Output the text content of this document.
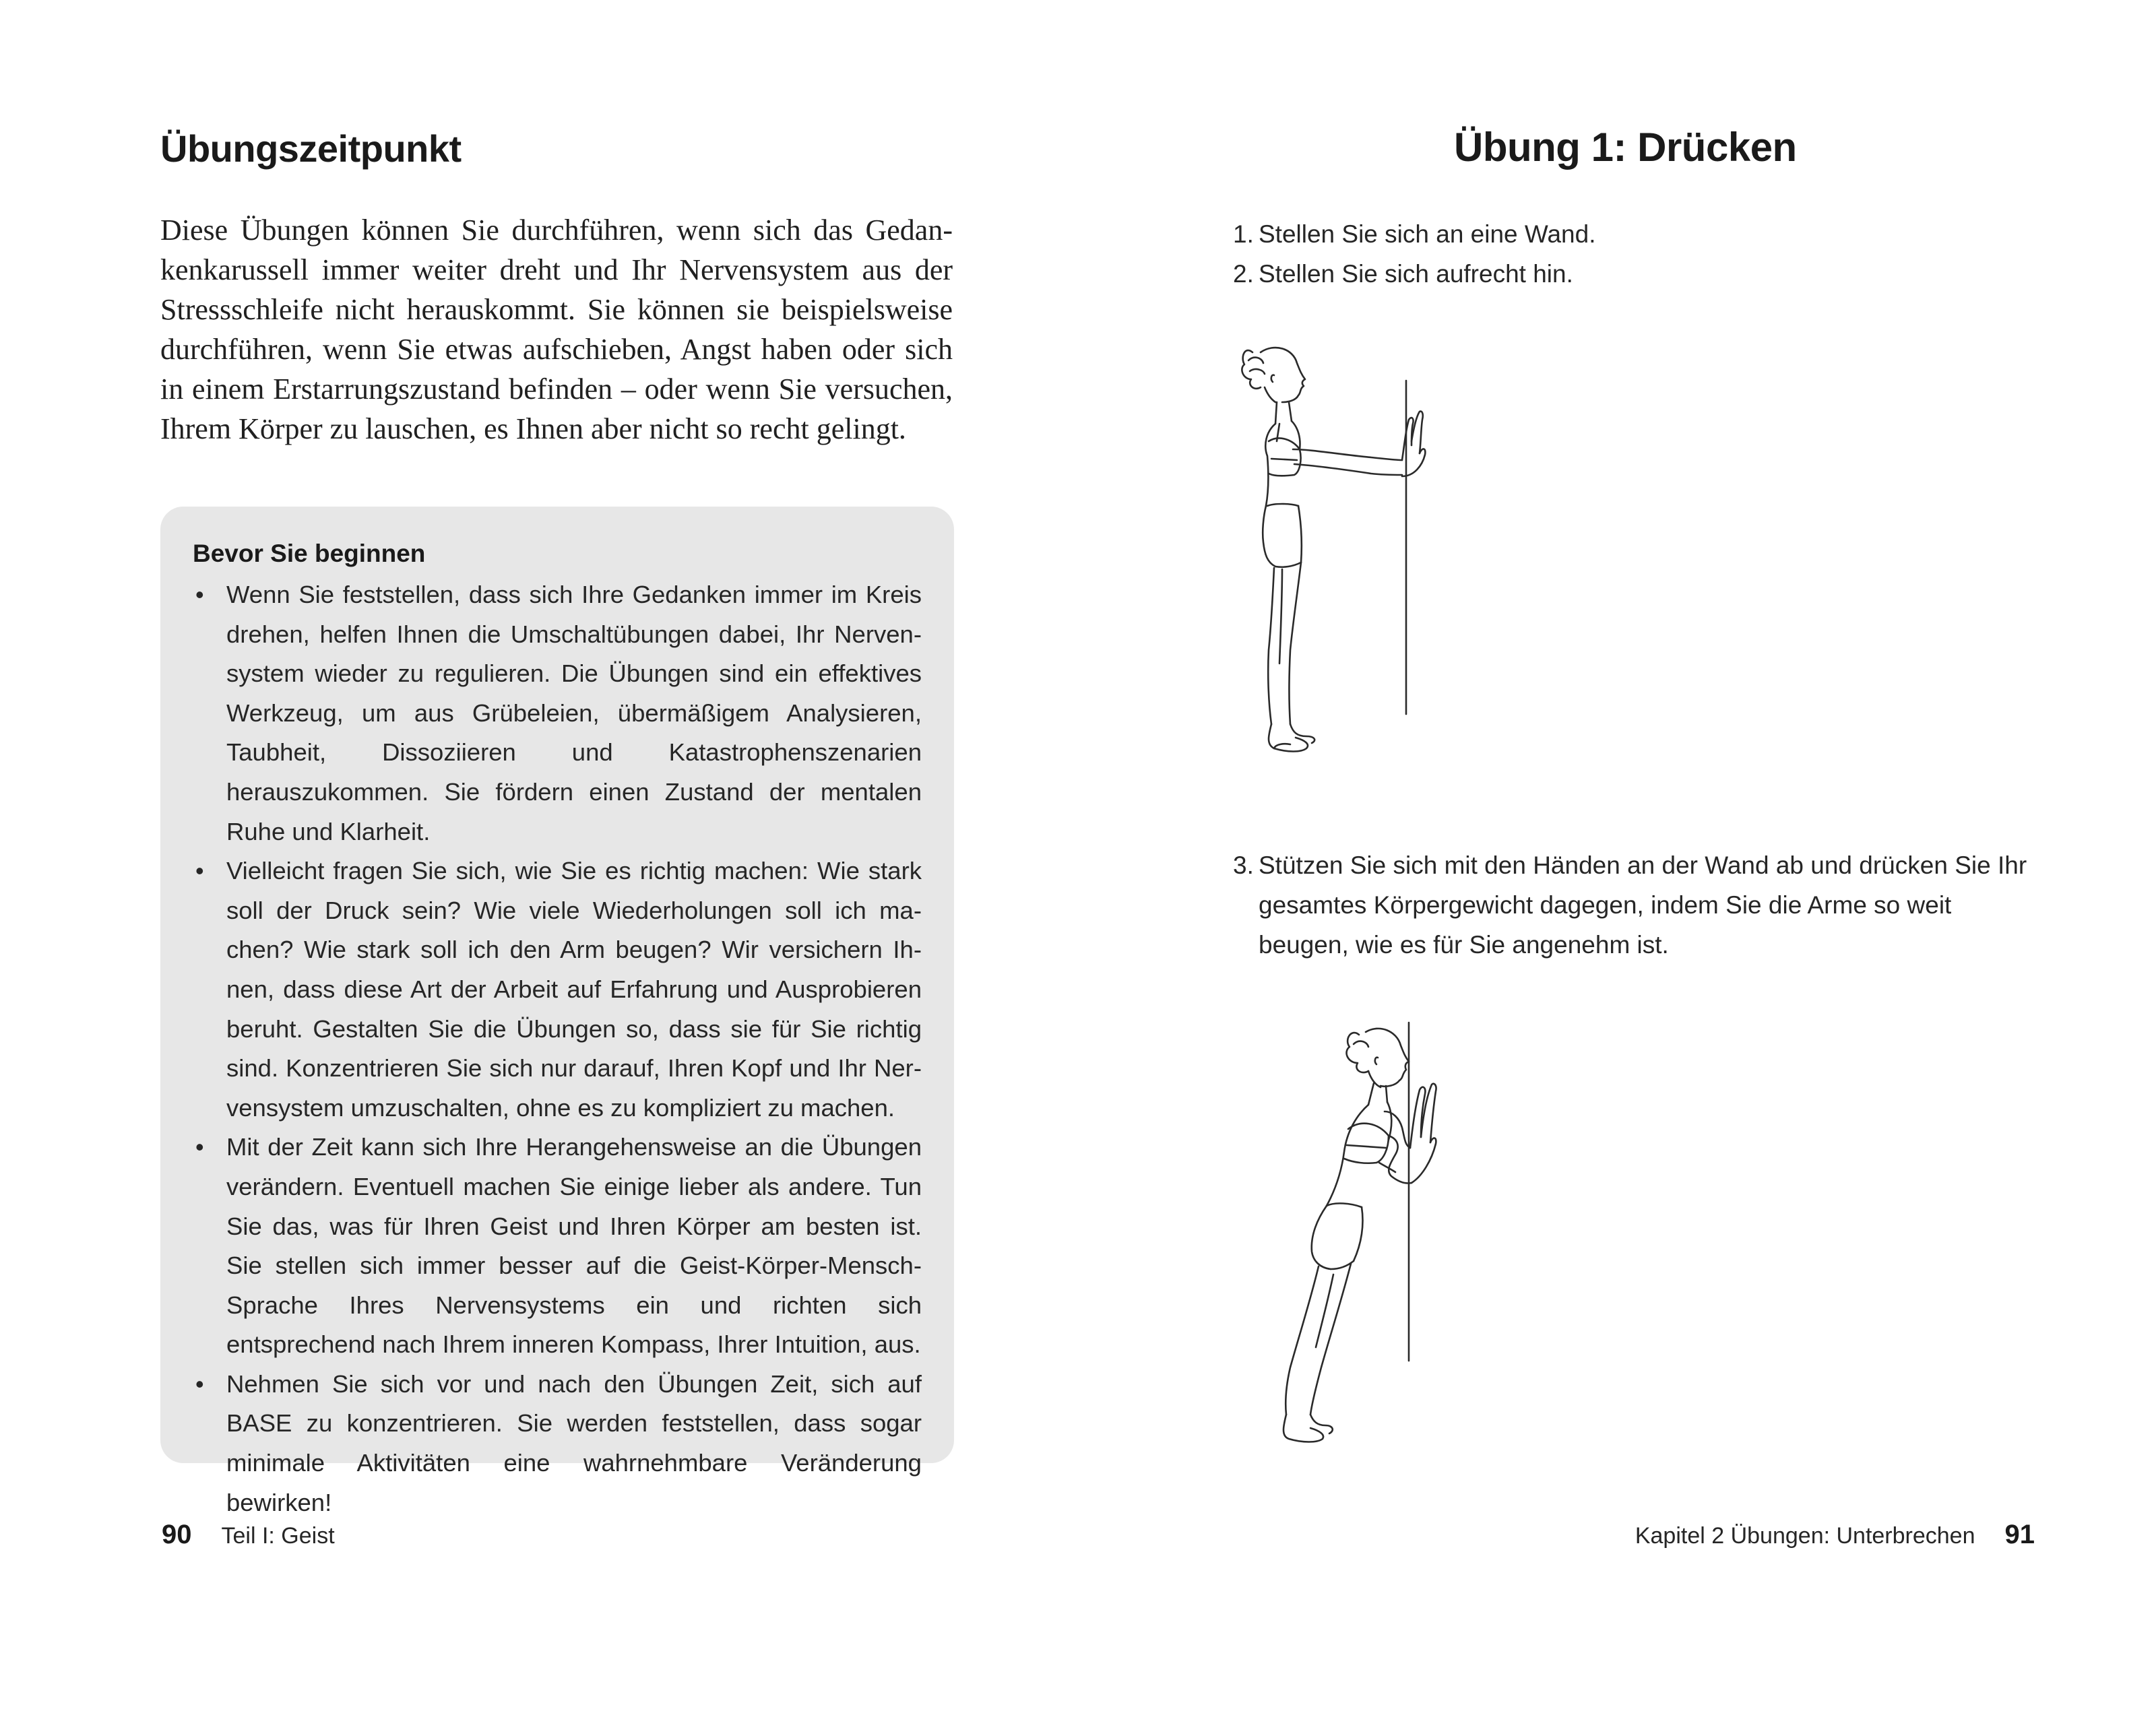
Übungszeitpunkt

Diese Übungen können Sie durchführen, wenn sich das Gedankenkarussell immer weiter dreht und Ihr Nervensystem aus der Stressschleife nicht herauskommt. Sie können sie beispielsweise durchführen, wenn Sie etwas aufschieben, Angst haben oder sich in einem Erstarrungszustand befinden – oder wenn Sie versuchen, Ihrem Körper zu lauschen, es Ihnen aber nicht so recht gelingt.

Bevor Sie beginnen
• Wenn Sie feststellen, dass sich Ihre Gedanken immer im Kreis drehen, helfen Ihnen die Umschaltübungen dabei, Ihr Nervensystem wieder zu regulieren. Die Übungen sind ein effektives Werkzeug, um aus Grübeleien, übermäßigem Analysieren, Taubheit, Dissoziieren und Katastrophenszenarien herauszukommen. Sie fördern einen Zustand der mentalen Ruhe und Klarheit.
• Vielleicht fragen Sie sich, wie Sie es richtig machen: Wie stark soll der Druck sein? Wie viele Wiederholungen soll ich machen? Wie stark soll ich den Arm beugen? Wir versichern Ihnen, dass diese Art der Arbeit auf Erfahrung und Ausprobieren beruht. Gestalten Sie die Übungen so, dass sie für Sie richtig sind. Konzentrieren Sie sich nur darauf, Ihren Kopf und Ihr Nervensystem umzuschalten, ohne es zu kompliziert zu machen.
• Mit der Zeit kann sich Ihre Herangehensweise an die Übungen verändern. Eventuell machen Sie einige lieber als andere. Tun Sie das, was für Ihren Geist und Ihren Körper am besten ist. Sie stellen sich immer besser auf die Geist-Körper-Mensch-Sprache Ihres Nervensystems ein und richten sich entsprechend nach Ihrem inneren Kompass, Ihrer Intuition, aus.
• Nehmen Sie sich vor und nach den Übungen Zeit, sich auf BASE zu konzentrieren. Sie werden feststellen, dass sogar minimale Aktivitäten eine wahrnehmbare Veränderung bewirken!
90 Teil I: Geist
Übung 1: Drücken
1. Stellen Sie sich an eine Wand.
2. Stellen Sie sich aufrecht hin.
3. Stützen Sie sich mit den Händen an der Wand ab und drücken Sie Ihr gesamtes Körpergewicht dagegen, indem Sie die Arme so weit beugen, wie es für Sie angenehm ist.
Kapitel 2 Übungen: Unterbrechen 91
